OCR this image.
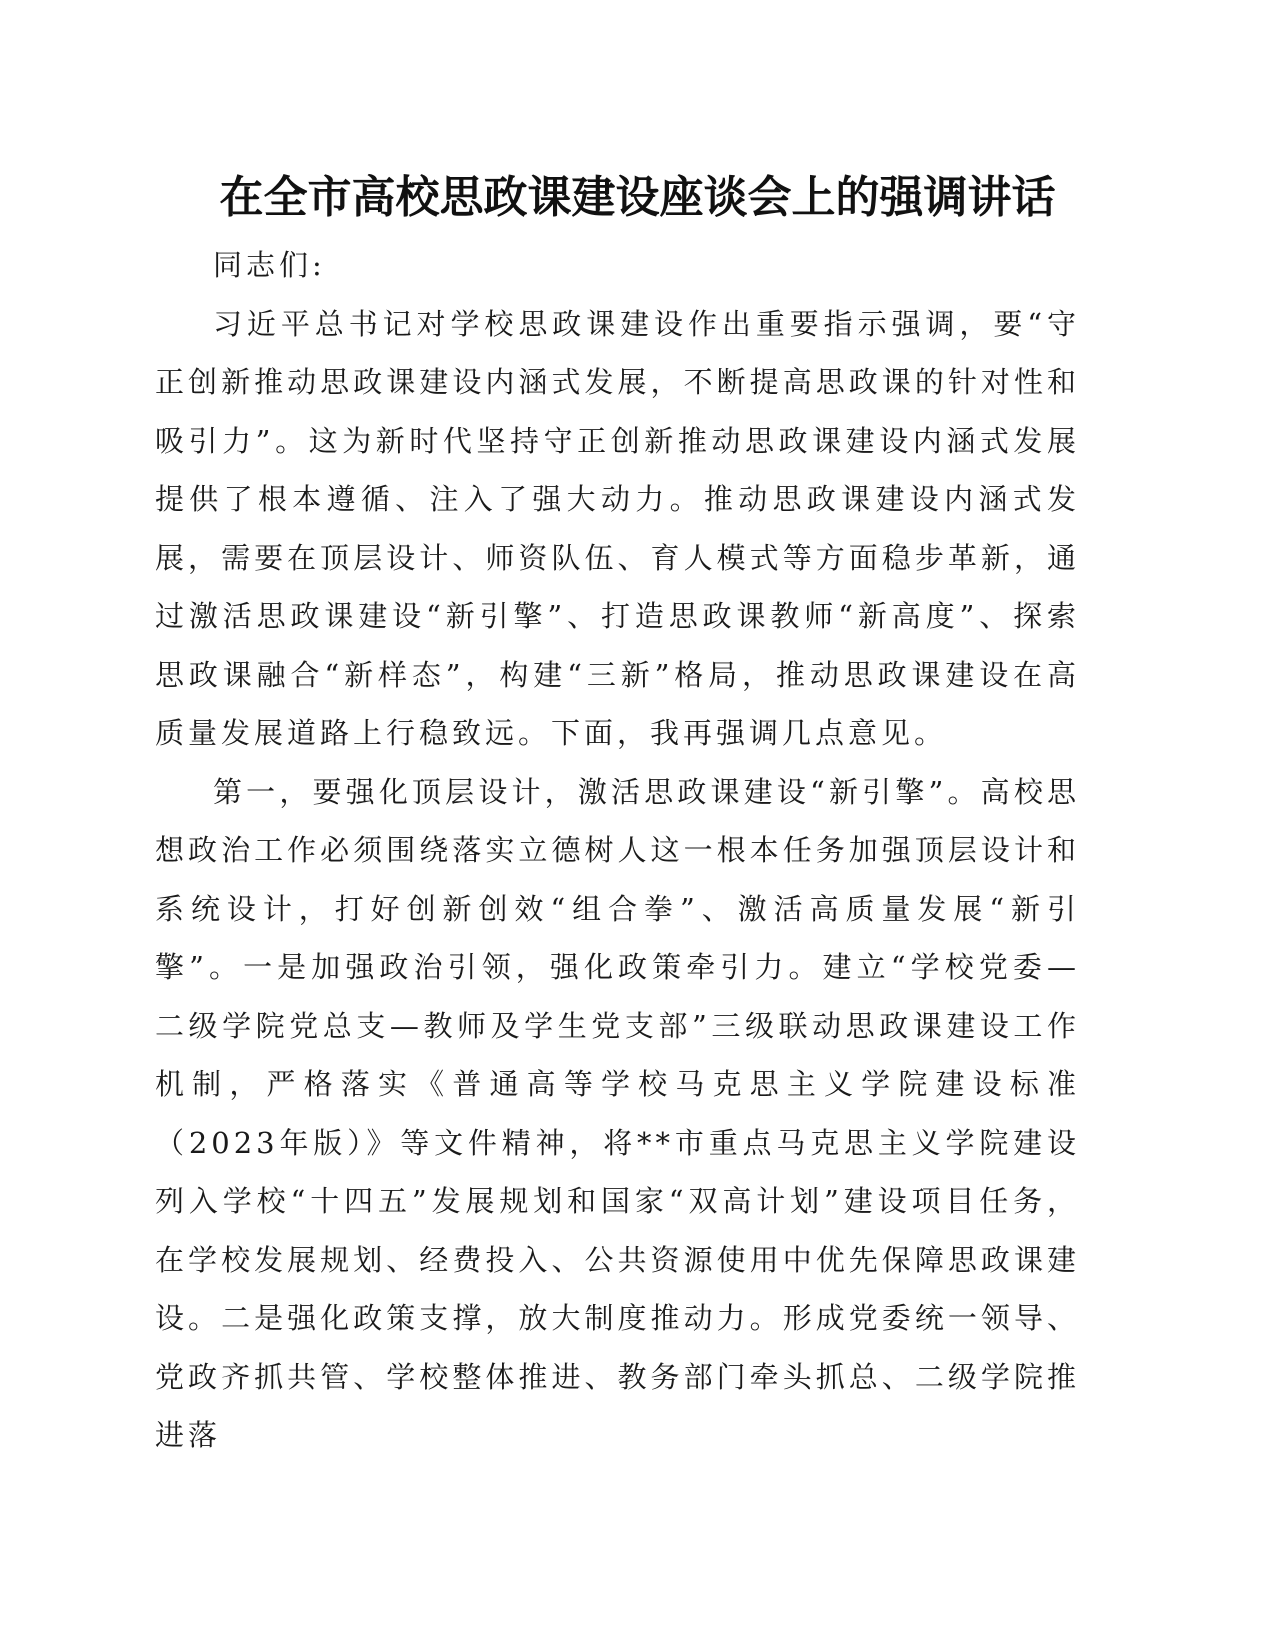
在全市高校思政课建设座谈会上的强调讲话

同志们:

习近平总书记对学校思政课建设作出重要指示强调，要“守正创新推动思政课建设内涵式发展，不断提高思政课的针对性和吸引力”。这为新时代坚持守正创新推动思政课建设内涵式发展提供了根本遵循、注入了强大动力。推动思政课建设内涵式发展，需要在顶层设计、师资队伍、育人模式等方面稳步革新，通过激活思政课建设“新引擎”、打造思政课教师“新高度”、探索思政课融合“新样态”，构建“三新”格局，推动思政课建设在高质量发展道路上行稳致远。下面，我再强调几点意见。

第一，要强化顶层设计，激活思政课建设“新引擎”。高校思想政治工作必须围绕落实立德树人这一根本任务加强顶层设计和系统设计，打好创新创效“组合拳”、激活高质量发展“新引擎”。一是加强政治引领，强化政策牵引力。建立“学校党委—二级学院党总支—教师及学生党支部”三级联动思政课建设工作机制，严格落实《普通高等学校马克思主义学院建设标准（2023年版）》等文件精神，将**市重点马克思主义学院建设列入学校“十四五”发展规划和国家“双高计划”建设项目任务，在学校发展规划、经费投入、公共资源使用中优先保障思政课建设。二是强化政策支撑，放大制度推动力。形成党委统一领导、党政齐抓共管、学校整体推进、教务部门牵头抓总、二级学院推进落
